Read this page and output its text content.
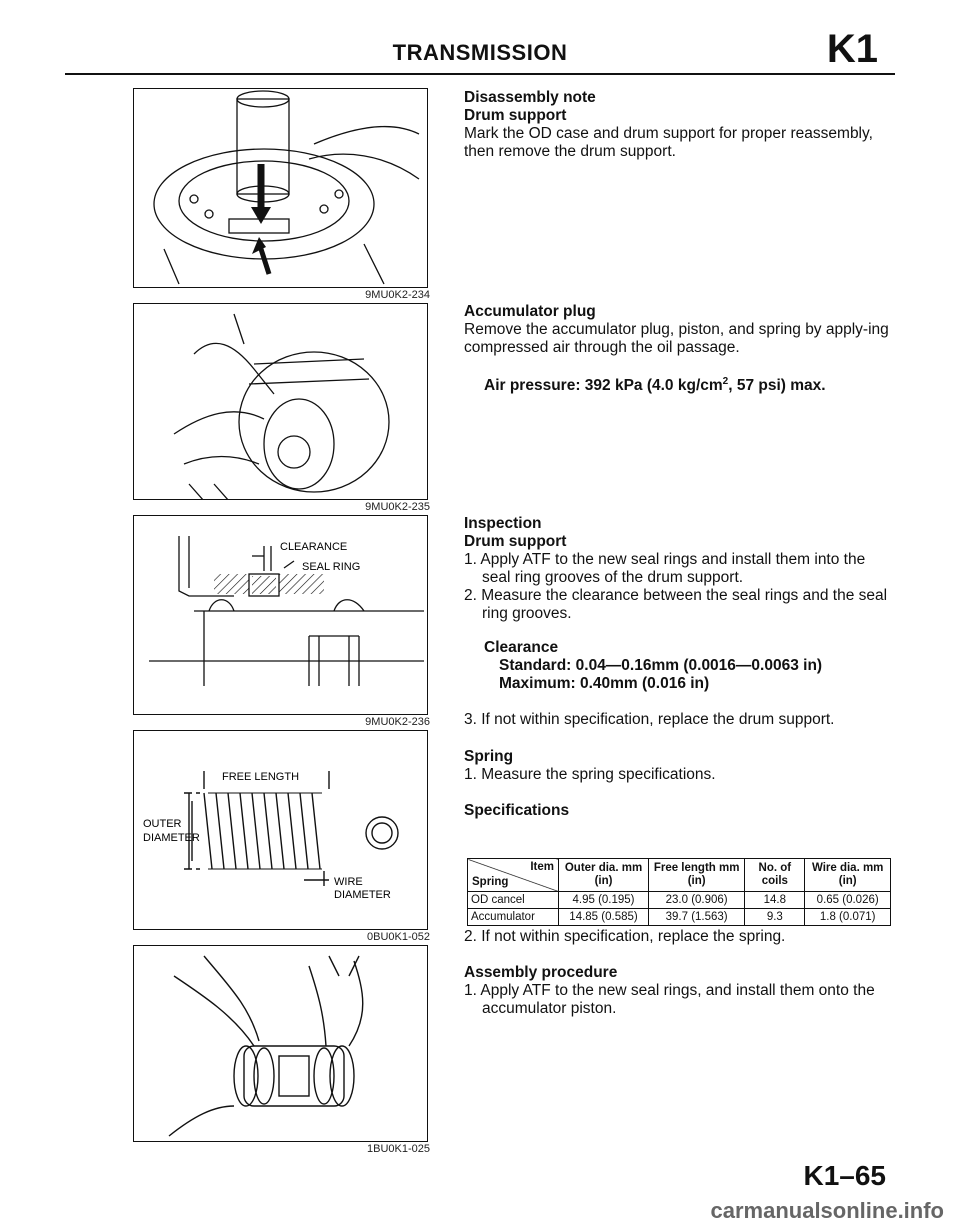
TRANSMISSION	K1
9MU0K2-234
9MU0K2-235
CLEARANCE
SEAL RING
9MU0K2-236
FREE LENGTH
OUTER
DIAMETER
WIRE
DIAMETER
0BU0K1-052
1BU0K1-025

Disassembly note

Drum support

Mark the OD case and drum support for proper reassembly, then remove the drum support.

Accumulator plug

Remove the accumulator plug, piston, and spring by apply-ing compressed air through the oil passage.

Air pressure: 392 kPa (4.0 $kg/cm^2$, 57 psi) max.

Inspection

Drum support

1. Apply ATF to the new seal rings and install them into the seal ring grooves of the drum support.

2. Measure the clearance between the seal rings and the seal ring grooves.

Clearance

Standard: 0.04—0.16mm (0.0016—0.0063 in)

Maximum: 0.40mm (0.016 in)

3. If not within specification, replace the drum support.

Spring

1. Measure the spring specifications.

Specifications

Item
Spring	Outer dia. mm (in)	Free length mm (in)	No. of coils	Wire dia. mm (in)
OD cancel	4.95 (0.195)	23.0 (0.906)	14.8	0.65 (0.026)
Accumulator	14.85 (0.585)	39.7 (1.563)	9.3	1.8 (0.071)

2. If not within specification, replace the spring.

Assembly procedure

1. Apply ATF to the new seal rings, and install them onto the accumulator piston.

K1–65
carmanualsonline.info
